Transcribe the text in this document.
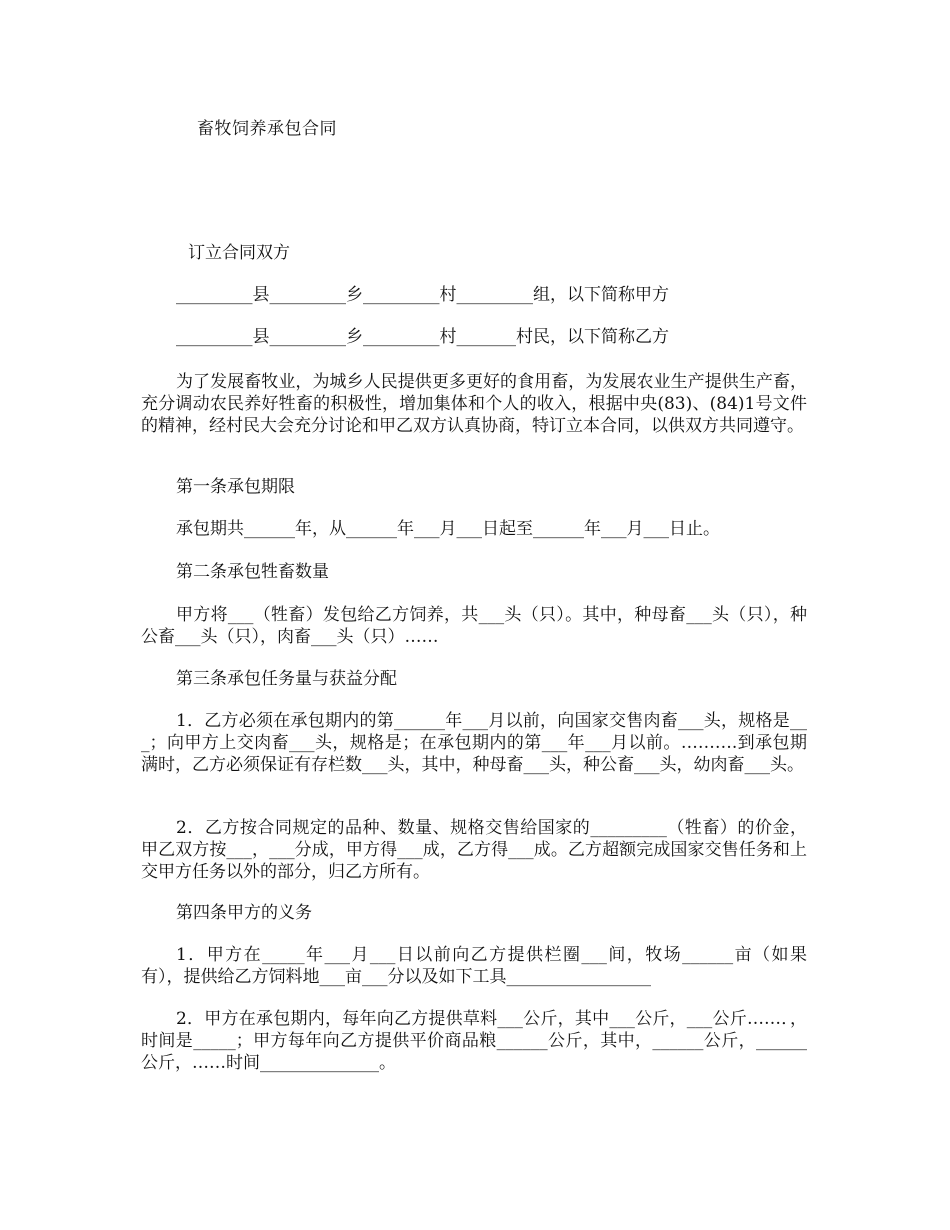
畜牧饲养承包合同
订立合同双方
_________县_________乡_________村_________组，以下简称甲方
_________县_________乡_________村_______村民，以下简称乙方

为了发展畜牧业，为城乡人民提供更多更好的食用畜，为发展农业生产提供生产畜，充分调动农民养好牲畜的积极性，增加集体和个人的收入，根据中央(83)、(84)1号文件的精神，经村民大会充分讨论和甲乙双方认真协商，特订立本合同，以供双方共同遵守。

第一条承包期限

承包期共______年，从______年___月___日起至______年___月___日止。

第二条承包牲畜数量

甲方将___（牲畜）发包给乙方饲养，共___头（只）。其中，种母畜___头（只），种公畜___头（只），肉畜___头（只）……

第三条承包任务量与获益分配

1．乙方必须在承包期内的第______年___月以前，向国家交售肉畜___头，规格是___；向甲方上交肉畜___头，规格是；在承包期内的第___年___月以前。……….到承包期满时，乙方必须保证有存栏数___头，其中，种母畜___头，种公畜___头，幼肉畜___头。

2．乙方按合同规定的品种、数量、规格交售给国家的_________（牲畜）的价金，甲乙双方按___，___分成，甲方得___成，乙方得___成。乙方超额完成国家交售任务和上交甲方任务以外的部分，归乙方所有。

第四条甲方的义务

1．甲方在_____年___月___日以前向乙方提供栏圈___间，牧场______亩（如果有），提供给乙方饲料地___亩___分以及如下工具_________________

2．甲方在承包期内，每年向乙方提供草料___公斤，其中___公斤，___公斤……．，时间是_____；甲方每年向乙方提供平价商品粮______公斤，其中，______公斤，______公斤，……时间______________。
